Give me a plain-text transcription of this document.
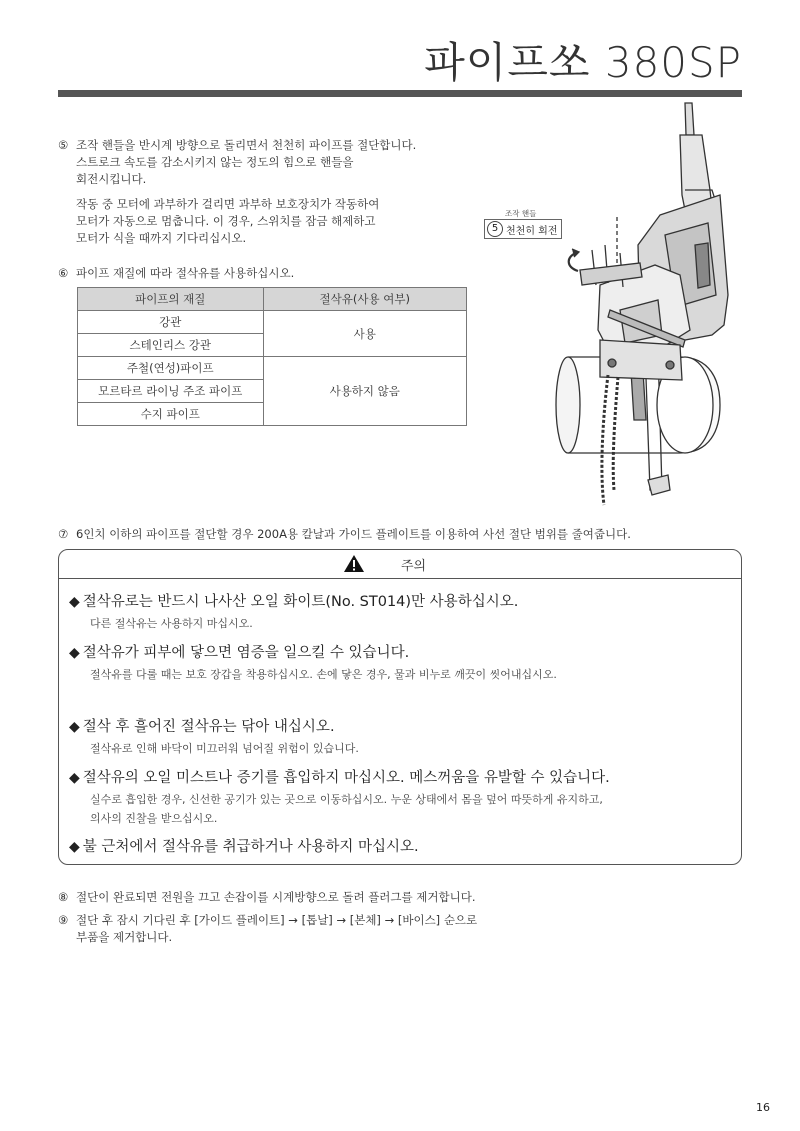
파이프쏘 380SP
⑤ 조작 핸들을 반시계 방향으로 돌리면서 천천히 파이프를 절단합니다.
스트로크 속도를 감소시키지 않는 정도의 힘으로 핸들을
회전시킵니다.
작동 중 모터에 과부하가 걸리면 과부하 보호장치가 작동하여
모터가 자동으로 멈춥니다. 이 경우, 스위치를 잠금 해제하고
모터가 식을 때까지 기다리십시오.
⑥ 파이프 재질에 따라 절삭유를 사용하십시오.
파이프의 재질	절삭유(사용 여부)
강관	사용
스테인리스 강관	
주철(연성)파이프	사용하지 않음
모르타르 라이닝 주조 파이프	
수지 파이프	
조작 핸들
5 천천히 회전
⑦ 6인치 이하의 파이프를 절단할 경우 200A용 칼날과 가이드 플레이트를 이용하여 사선 절단 범위를 줄여줍니다.
주의
◆ 절삭유로는 반드시 나사산 오일 화이트(No. ST014)만 사용하십시오.
다른 절삭유는 사용하지 마십시오.
◆ 절삭유가 피부에 닿으면 염증을 일으킬 수 있습니다.
절삭유를 다룰 때는 보호 장갑을 착용하십시오. 손에 닿은 경우, 물과 비누로 깨끗이 씻어내십시오.
◆ 절삭 후 흘어진 절삭유는 닦아 내십시오.
절삭유로 인해 바닥이 미끄러워 넘어질 위험이 있습니다.
◆ 절삭유의 오일 미스트나 증기를 흡입하지 마십시오. 메스꺼움을 유발할 수 있습니다.
실수로 흡입한 경우, 신선한 공기가 있는 곳으로 이동하십시오. 누운 상태에서 몸을 덮어 따뜻하게 유지하고,
의사의 진찰을 받으십시오.
◆ 불 근처에서 절삭유를 취급하거나 사용하지 마십시오.
⑧ 절단이 완료되면 전원을 끄고 손잡이를 시계방향으로 돌려 플러그를 제거합니다.
⑨ 절단 후 잠시 기다린 후 [가이드 플레이트] → [톱날] → [본체] → [바이스] 순으로
부품을 제거합니다.
16
